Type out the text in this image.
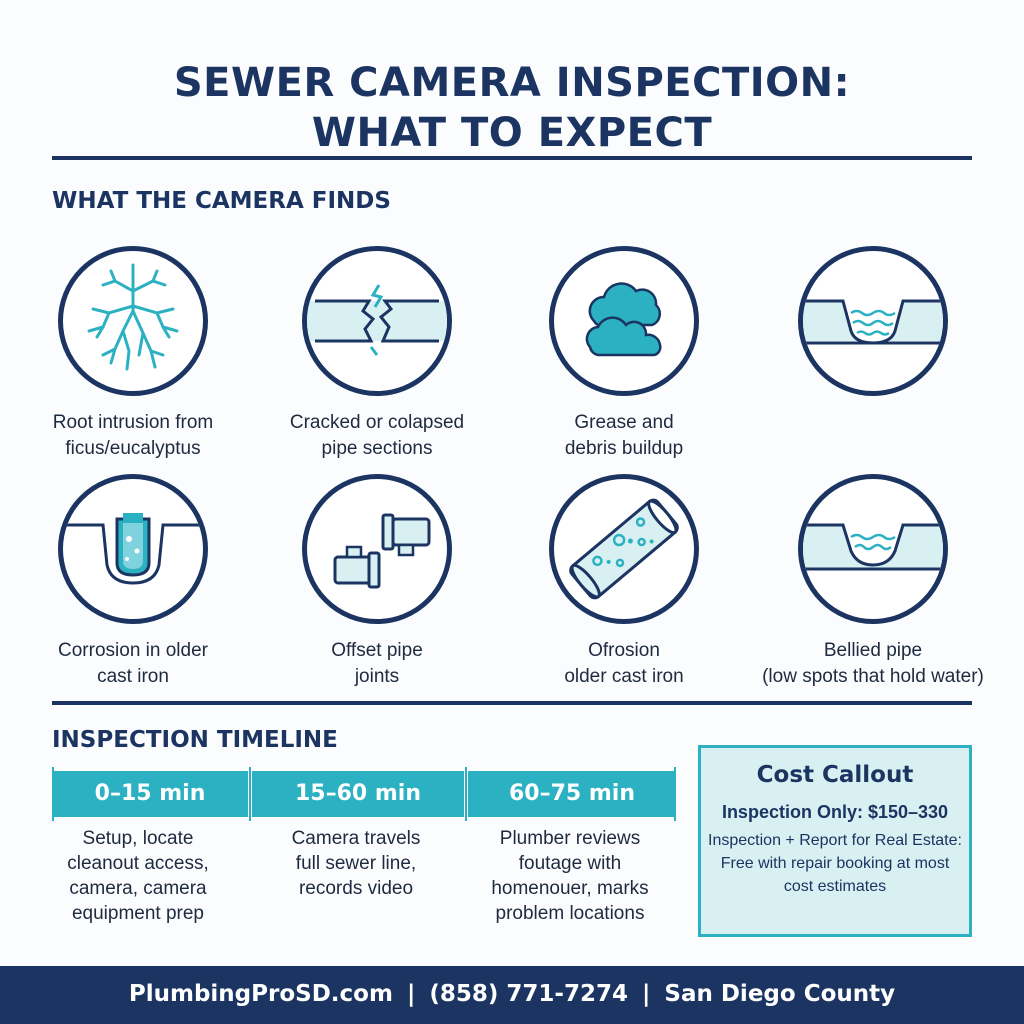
SEWER CAMERA INSPECTION:
WHAT TO EXPECT
WHAT THE CAMERA FINDS
Root intrusion from
ficus/eucalyptus
Cracked or colapsed
pipe sections
Grease and
debris buildup
Corrosion in older
cast iron
Offset pipe
joints
Ofrosion
older cast iron
Bellied pipe
(low spots that hold water)
INSPECTION TIMELINE
0–15 min	15–60 min	60–75 min
Setup, locate
cleanout access,
camera, camera
equipment prep
Camera travels
full sewer line,
records video
Plumber reviews
foutage with
homenouer, marks
problem locations
Cost Callout
Inspection Only: $150–330
Inspection + Report for Real Estate:
Free with repair booking at most
cost estimates
PlumbingProSD.com | (858) 771-7274 | San Diego County
